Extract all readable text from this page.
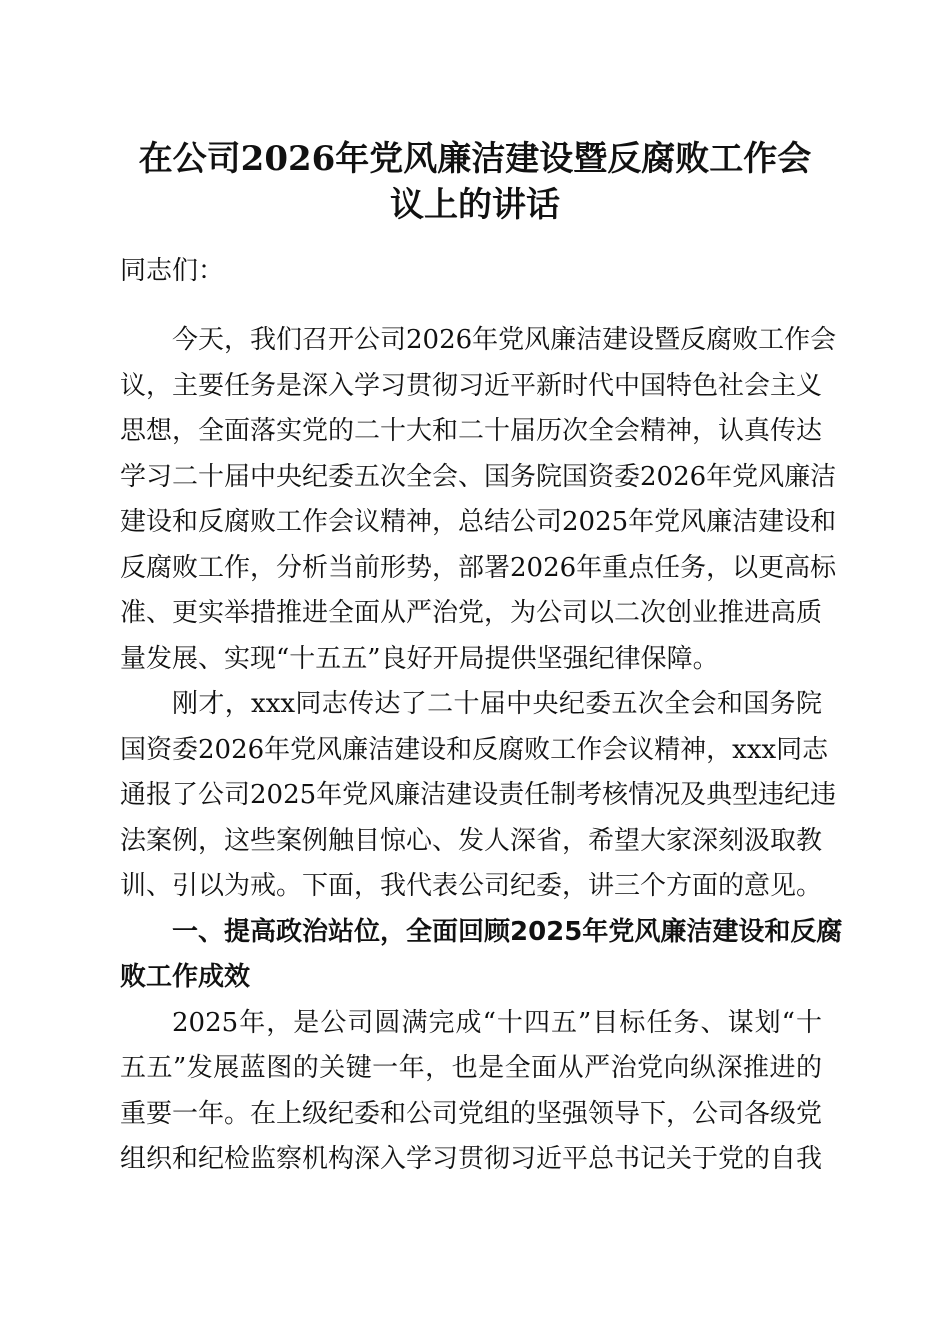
在公司2026年党风廉洁建设暨反腐败工作会
议上的讲话
同志们：
今天，我们召开公司2026年党风廉洁建设暨反腐败工作会
议，主要任务是深入学习贯彻习近平新时代中国特色社会主义
思想，全面落实党的二十大和二十届历次全会精神，认真传达
学习二十届中央纪委五次全会、国务院国资委2026年党风廉洁
建设和反腐败工作会议精神，总结公司2025年党风廉洁建设和
反腐败工作，分析当前形势，部署2026年重点任务，以更高标
准、更实举措推进全面从严治党，为公司以二次创业推进高质
量发展、实现“十五五”良好开局提供坚强纪律保障。
刚才，xxx同志传达了二十届中央纪委五次全会和国务院
国资委2026年党风廉洁建设和反腐败工作会议精神，xxx同志
通报了公司2025年党风廉洁建设责任制考核情况及典型违纪违
法案例，这些案例触目惊心、发人深省，希望大家深刻汲取教
训、引以为戒。下面，我代表公司纪委，讲三个方面的意见。
一、提高政治站位，全面回顾2025年党风廉洁建设和反腐
败工作成效
2025年，是公司圆满完成“十四五”目标任务、谋划“十
五五”发展蓝图的关键一年，也是全面从严治党向纵深推进的
重要一年。在上级纪委和公司党组的坚强领导下，公司各级党
组织和纪检监察机构深入学习贯彻习近平总书记关于党的自我
